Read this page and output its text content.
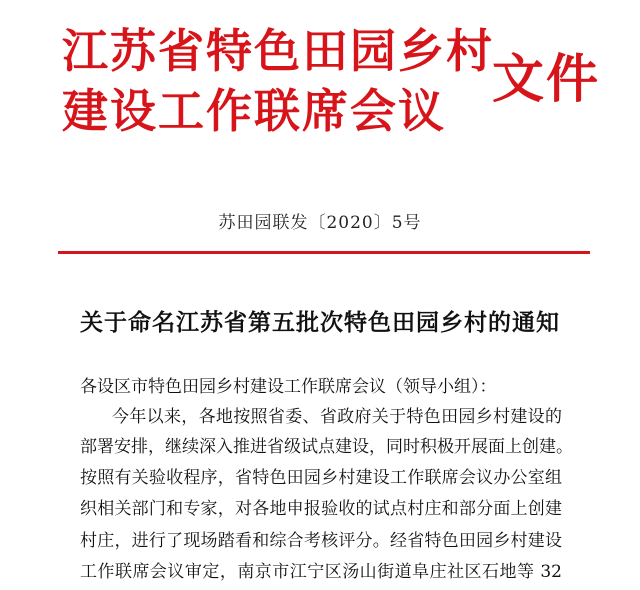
江苏省特色田园乡村
建设工作联席会议
文件
苏田园联发〔2020〕5号
关于命名江苏省第五批次特色田园乡村的通知
各设区市特色田园乡村建设工作联席会议（领导小组）：
今年以来，各地按照省委、省政府关于特色田园乡村建设的
部署安排，继续深入推进省级试点建设，同时积极开展面上创建。
按照有关验收程序，省特色田园乡村建设工作联席会议办公室组
织相关部门和专家，对各地申报验收的试点村庄和部分面上创建
村庄，进行了现场踏看和综合考核评分。经省特色田园乡村建设
工作联席会议审定，南京市江宁区汤山街道阜庄社区石地等 32
